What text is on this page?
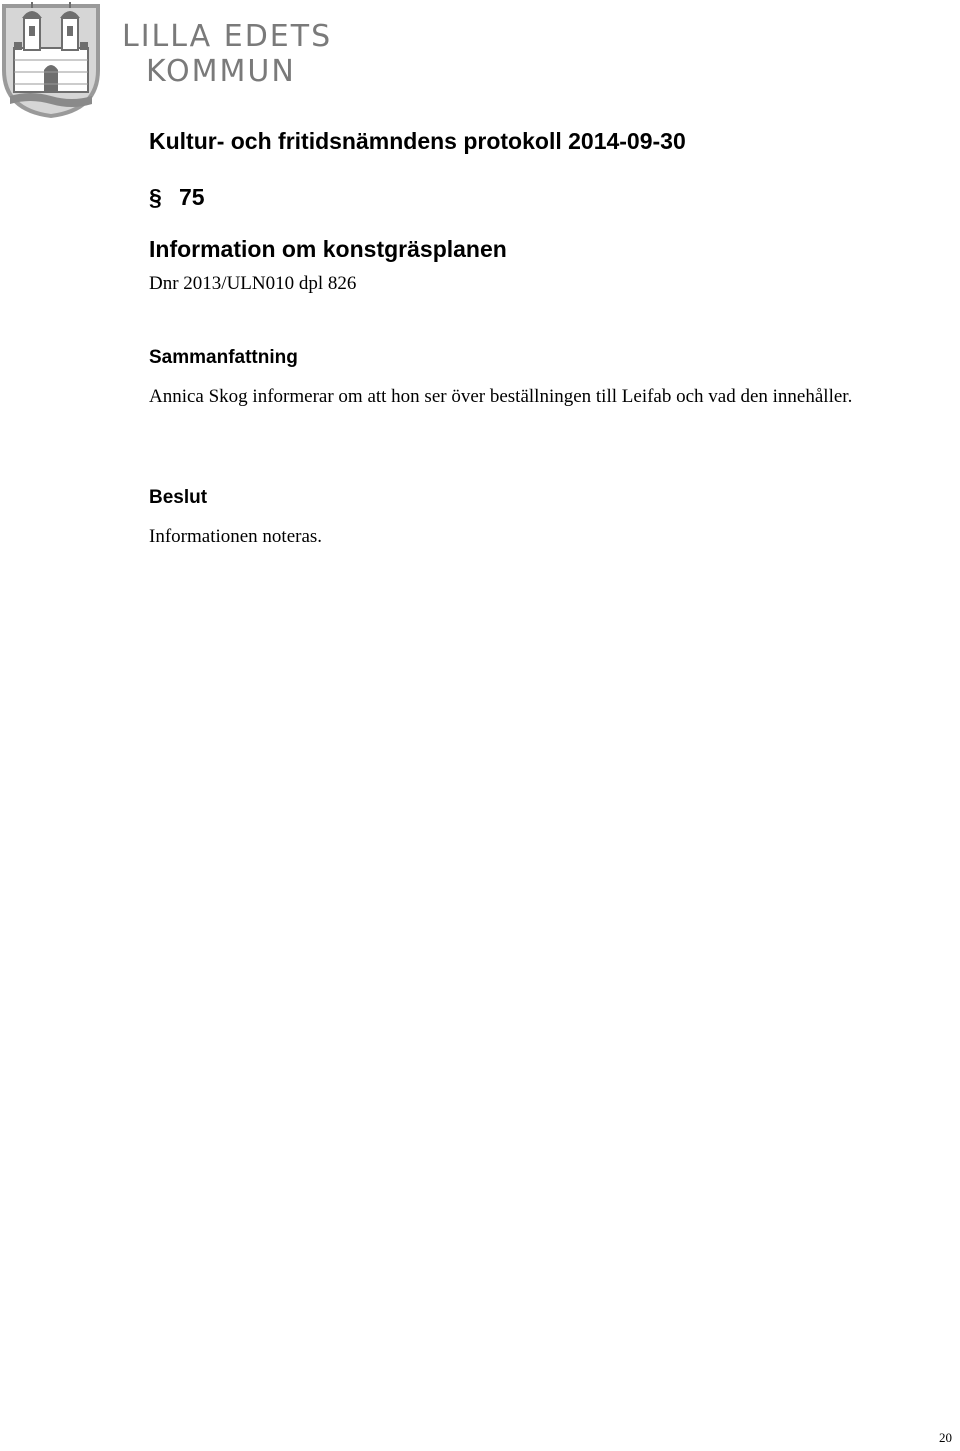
LILLA EDETS
KOMMUN
Kultur- och fritidsnämndens protokoll 2014-09-30
§ 75
Information om konstgräsplanen
Dnr 2013/ULN010 dpl 826
Sammanfattning

Annica Skog informerar om att hon ser över beställningen till Leifab och vad den innehåller.

Beslut

Informationen noteras.

20
